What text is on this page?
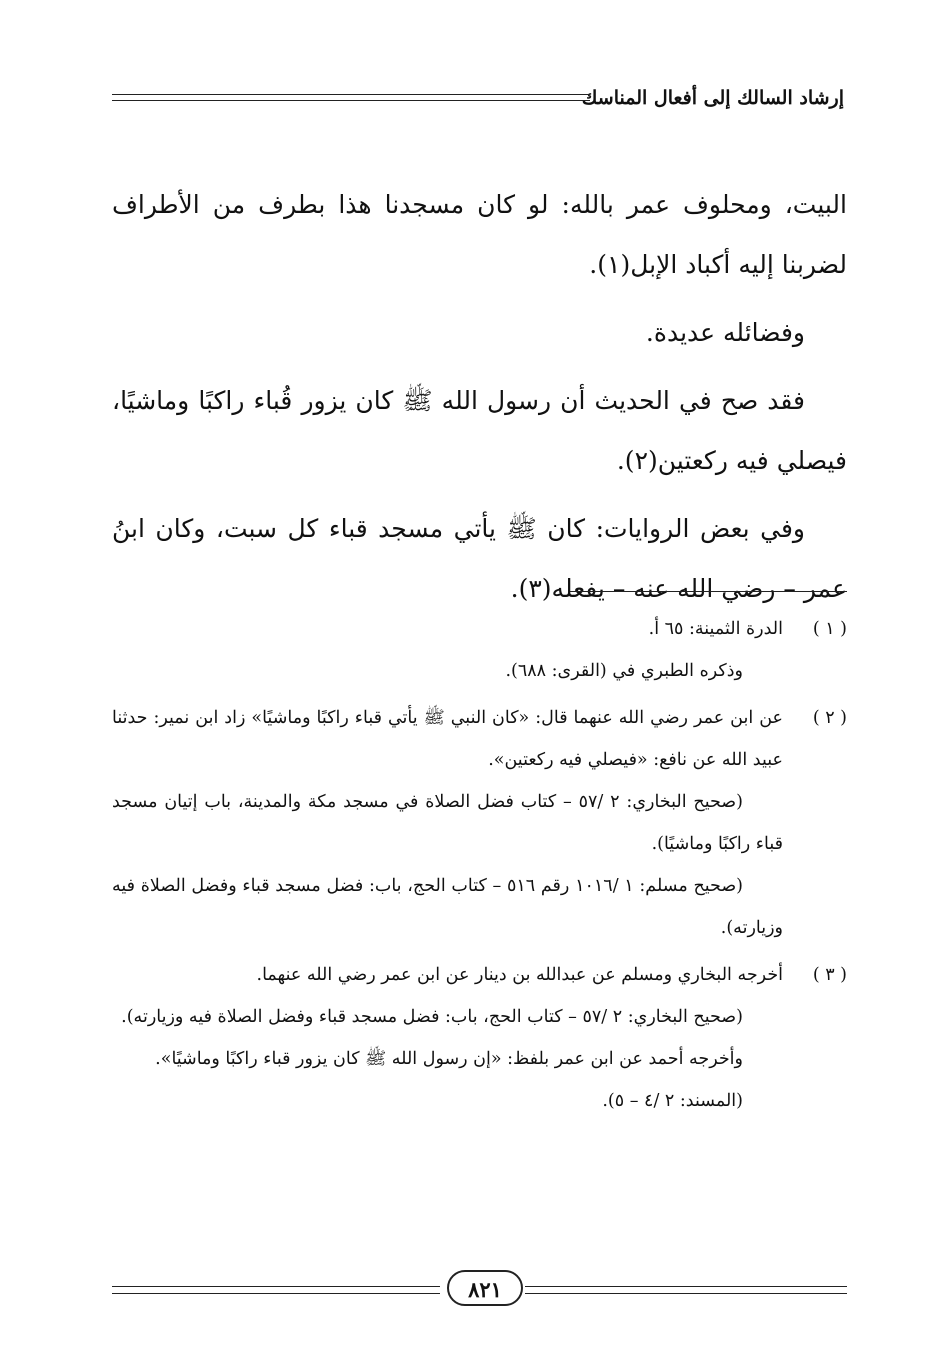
إرشاد السالك إلى أفعال المناسك

البيت، ومحلوف عمر بالله: لو كان مسجدنا هذا بطرف من الأطراف لضربنا إليه أكباد الإبل(١).

وفضائله عديدة.

فقد صح في الحديث أن رسول الله ﷺ كان يزور قُباء راكبًا وماشيًا، فيصلي فيه ركعتين(٢).

وفي بعض الروايات: كان ﷺ يأتي مسجد قباء كل سبت، وكان ابنُ عمر – رضي الله عنه – يفعله(٣).

( ١ )
الدرة الثمينة: ٦٥ أ.
وذكره الطبري في (القرى: ٦٨٨).
( ٢ )
عن ابن عمر رضي الله عنهما قال: «كان النبي ﷺ يأتي قباء راكبًا وماشيًا» زاد ابن نمير: حدثنا عبيد الله عن نافع: «فيصلي فيه ركعتين».
(صحيح البخاري: ٢ /٥٧ – كتاب فضل الصلاة في مسجد مكة والمدينة، باب إتيان مسجد قباء راكبًا وماشيًا).
(صحيح مسلم: ١ /١٠١٦ رقم ٥١٦ – كتاب الحج، باب: فضل مسجد قباء وفضل الصلاة فيه وزيارته).
( ٣ )
أخرجه البخاري ومسلم عن عبدالله بن دينار عن ابن عمر رضي الله عنهما.
(صحيح البخاري: ٢ /٥٧ – كتاب الحج، باب: فضل مسجد قباء وفضل الصلاة فيه وزيارته).
وأخرجه أحمد عن ابن عمر بلفظ: «إن رسول الله ﷺ كان يزور قباء راكبًا وماشيًا».
(المسند: ٢ /٤ – ٥).
٨٢١
